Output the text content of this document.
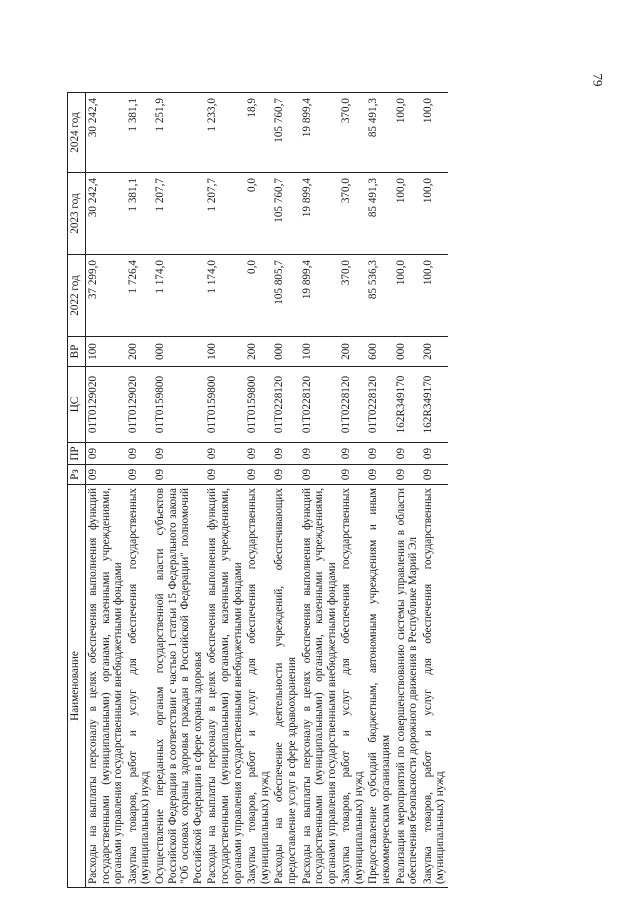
79
Наименование	Рз	ПР	ЦС	ВР	2022 год	2023 год	2024 год
Расходы на выплаты персоналу в целях обеспечения выполнения функций государственными (муниципальными) органами, казенными учреждениями, органами управления государственными внебюджетными фондами	09	09	01Т0129020	100	37 299,0	30 242,4	30 242,4
Закупка товаров, работ и услуг для обеспечения государственных (муниципальных) нужд	09	09	01Т0129020	200	1 726,4	1 381,1	1 381,1
Осуществление переданных органам государственной власти субъектов Российской Федерации в соответствии с частью 1 статьи 15 Федерального закона "Об основах охраны здоровья граждан в Российской Федерации" полномочий Российской Федерации в сфере охраны здоровья	09	09	01Т0159800	000	1 174,0	1 207,7	1 251,9
Расходы на выплаты персоналу в целях обеспечения выполнения функций государственными (муниципальными) органами, казенными учреждениями, органами управления государственными внебюджетными фондами	09	09	01Т0159800	100	1 174,0	1 207,7	1 233,0
Закупка товаров, работ и услуг для обеспечения государственных (муниципальных) нужд	09	09	01Т0159800	200	0,0	0,0	18,9
Расходы на обеспечение деятельности учреждений, обеспечивающих предоставление услуг в сфере здравоохранения	09	09	01Т0228120	000	105 805,7	105 760,7	105 760,7
Расходы на выплаты персоналу в целях обеспечения выполнения функций государственными (муниципальными) органами, казенными учреждениями, органами управления государственными внебюджетными фондами	09	09	01Т0228120	100	19 899,4	19 899,4	19 899,4
Закупка товаров, работ и услуг для обеспечения государственных (муниципальных) нужд	09	09	01Т0228120	200	370,0	370,0	370,0
Предоставление субсидий бюджетным, автономным учреждениям и иным некоммерческим организациям	09	09	01Т0228120	600	85 536,3	85 491,3	85 491,3
Реализация мероприятий по совершенствованию системы управления в области обеспечения безопасности дорожного движения в Республике Марий Эл	09	09	162R349170	000	100,0	100,0	100,0
Закупка товаров, работ и услуг для обеспечения государственных (муниципальных) нужд	09	09	162R349170	200	100,0	100,0	100,0
